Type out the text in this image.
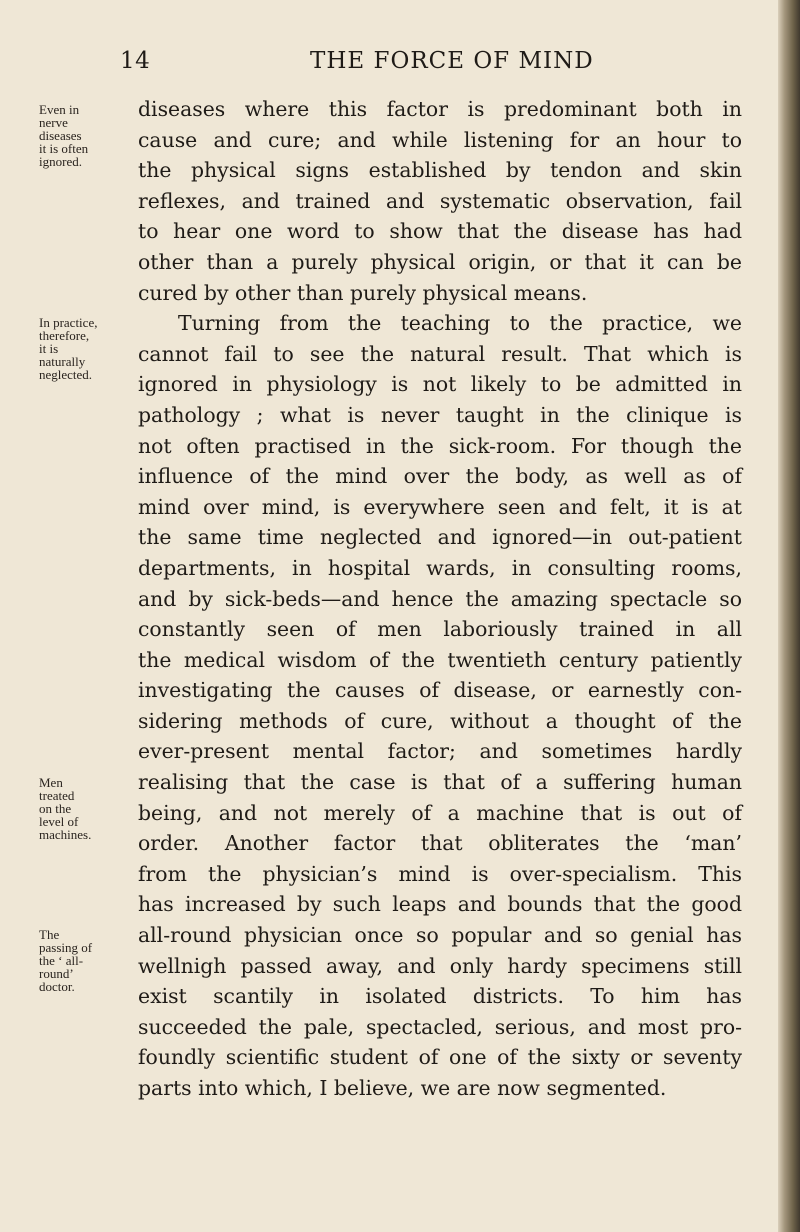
14	THE FORCE OF MIND
Even in
nerve
diseases
it is often
ignored.
In practice,
therefore,
it is
naturally
neglected.
Men
treated
on the
level of
machines.
The
passing of
the ‘ all-
round’
doctor.
diseases where this factor is predominant both in
cause and cure; and while listening for an hour to
the physical signs established by tendon and skin
reflexes, and trained and systematic observation, fail
to hear one word to show that the disease has had
other than a purely physical origin, or that it can be
cured by other than purely physical means.
Turning from the teaching to the practice, we
cannot fail to see the natural result. That which is
ignored in physiology is not likely to be admitted in
pathology ; what is never taught in the clinique is
not often practised in the sick-room. For though the
influence of the mind over the body, as well as of
mind over mind, is everywhere seen and felt, it is at
the same time neglected and ignored—in out-patient
departments, in hospital wards, in consulting rooms,
and by sick-beds—and hence the amazing spectacle so
constantly seen of men laboriously trained in all
the medical wisdom of the twentieth century patiently
investigating the causes of disease, or earnestly con-
sidering methods of cure, without a thought of the
ever-present mental factor; and sometimes hardly
realising that the case is that of a suffering human
being, and not merely of a machine that is out of
order. Another factor that obliterates the ‘man’
from the physician’s mind is over-specialism. This
has increased by such leaps and bounds that the good
all-round physician once so popular and so genial has
wellnigh passed away, and only hardy specimens still
exist scantily in isolated districts. To him has
succeeded the pale, spectacled, serious, and most pro-
foundly scientific student of one of the sixty or seventy
parts into which, I believe, we are now segmented.
